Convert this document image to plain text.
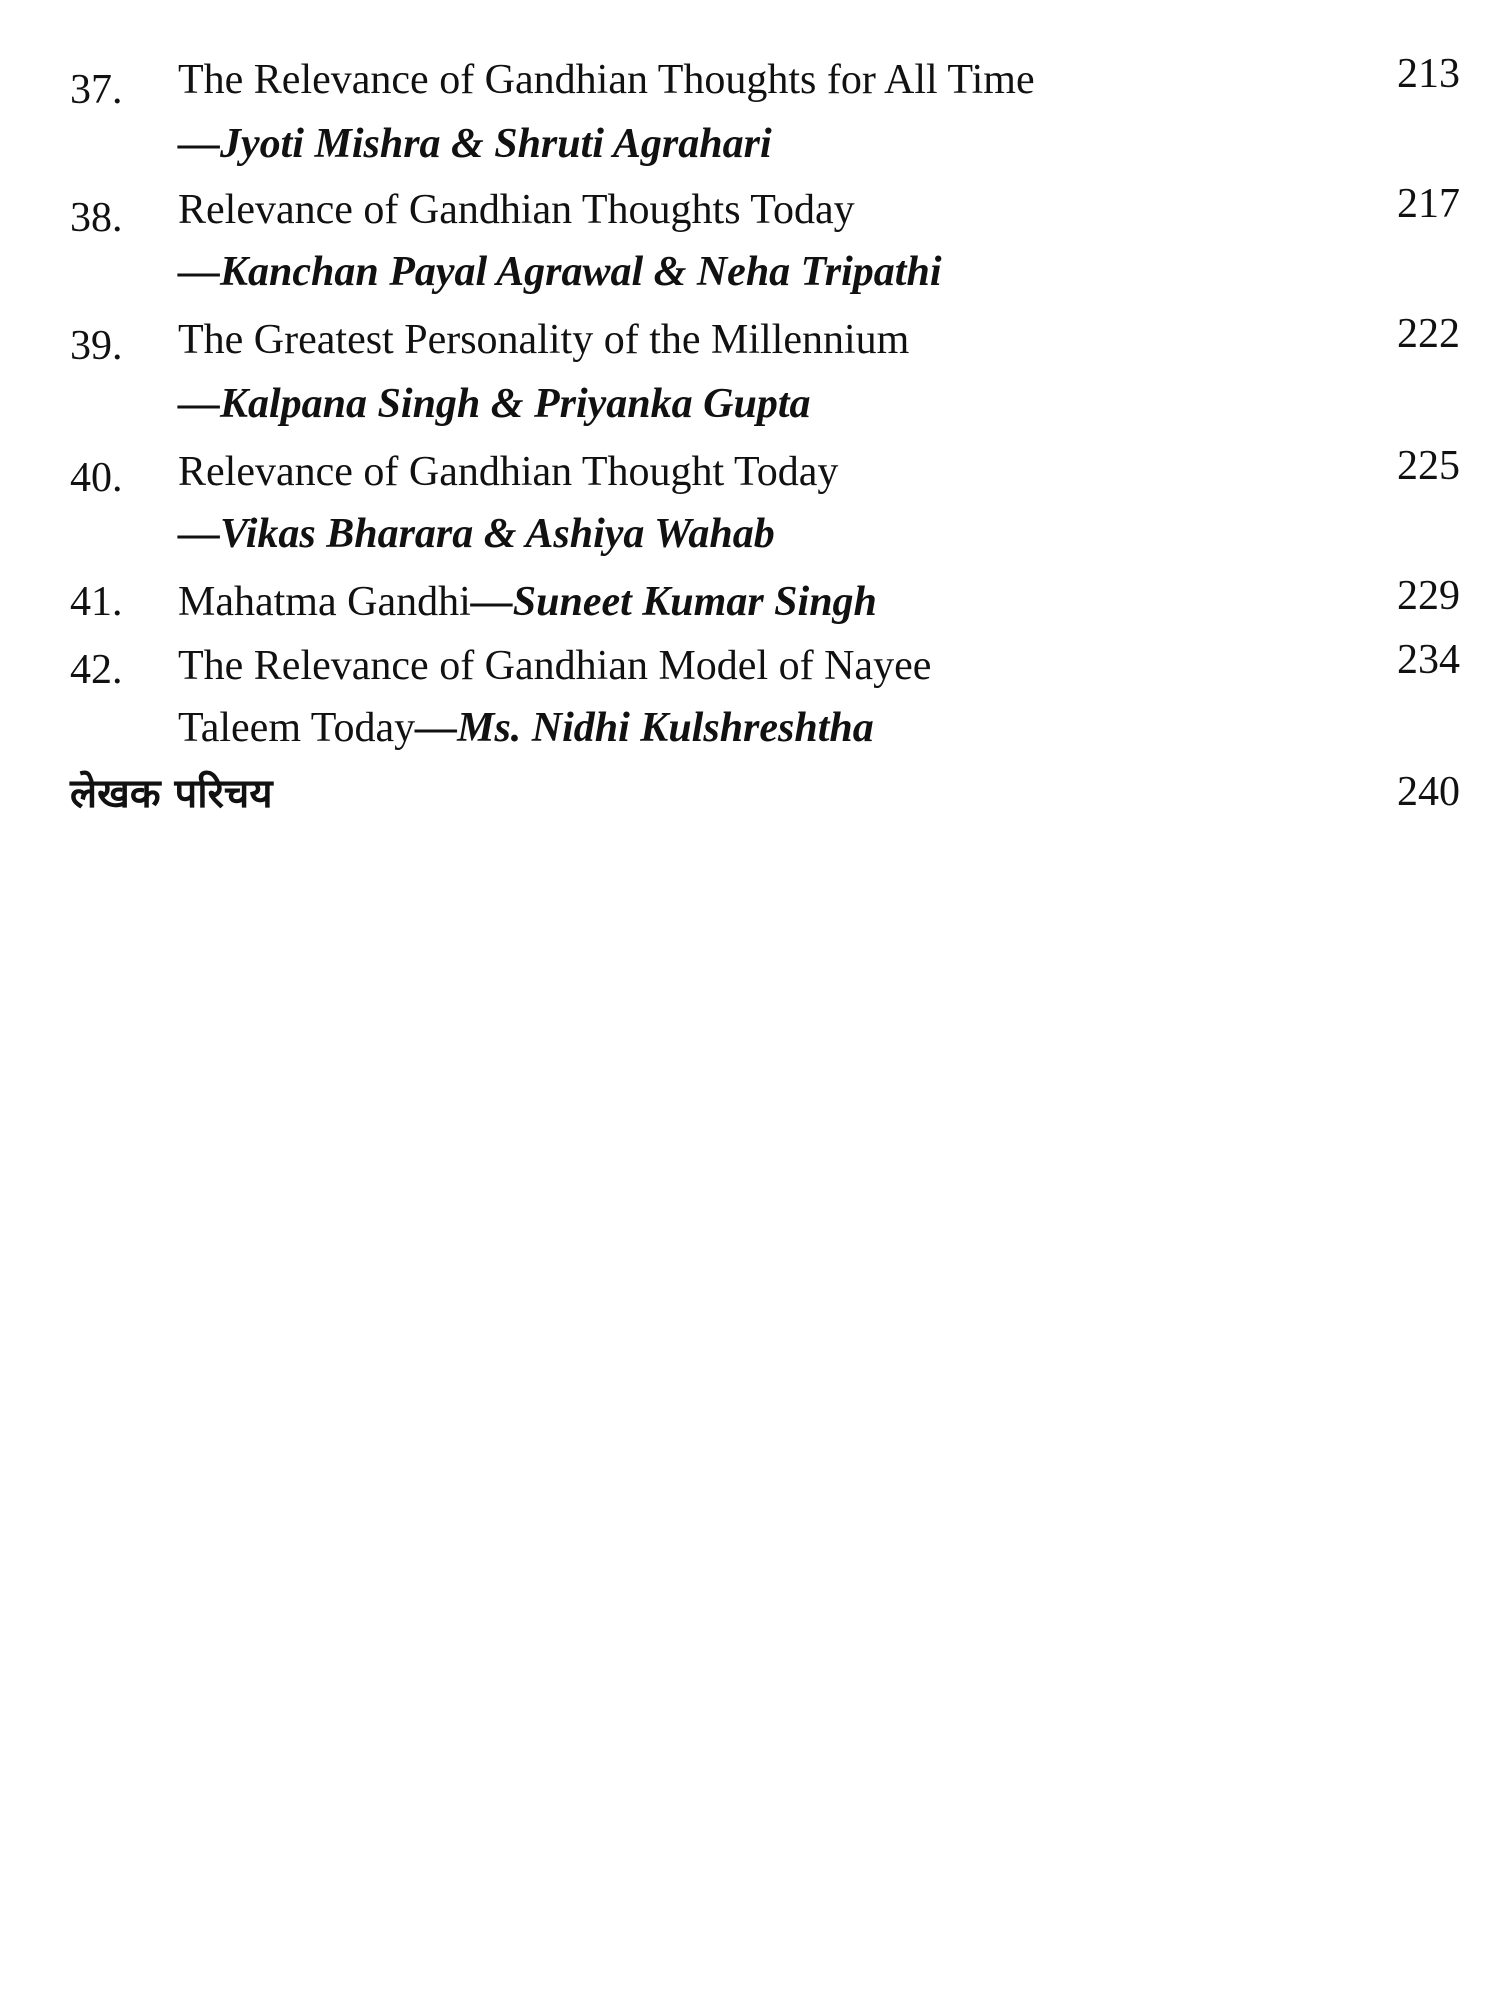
37. The Relevance of Gandhian Thoughts for All Time	213
—Jyoti Mishra & Shruti Agrahari
38. Relevance of Gandhian Thoughts Today	217
—Kanchan Payal Agrawal & Neha Tripathi
39. The Greatest Personality of the Millennium	222
—Kalpana Singh & Priyanka Gupta
40. Relevance of Gandhian Thought Today	225
—Vikas Bharara & Ashiya Wahab
41. Mahatma Gandhi—Suneet Kumar Singh	229
42. The Relevance of Gandhian Model of Nayee	234
Taleem Today—Ms. Nidhi Kulshreshtha
लेखक परिचय	240
